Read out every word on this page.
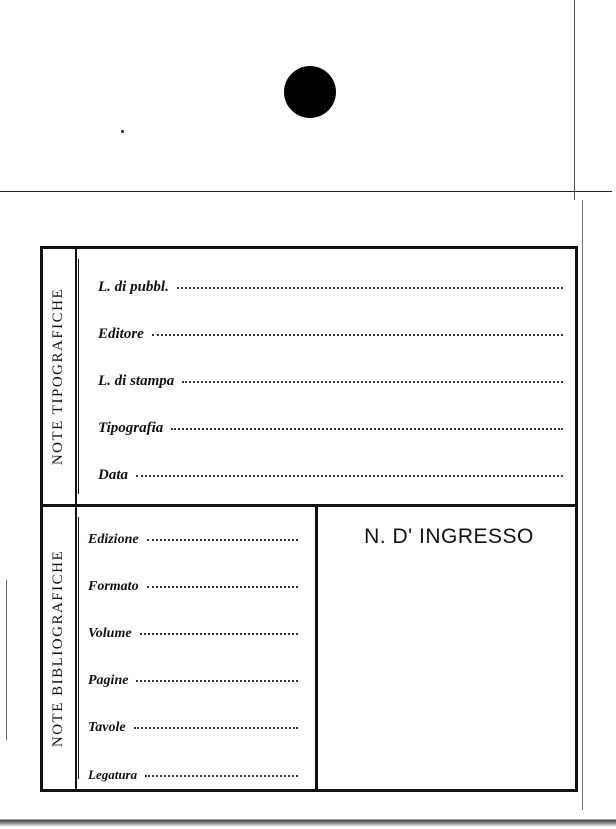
NOTE TIPOGRAFICHE
L. di pubbl.
Editore
L. di stampa
Tipografia
Data
NOTE BIBLIOGRAFICHE
Edizione
Formato
Volume
Pagine
Tavole
Legatura
N. D' INGRESSO
